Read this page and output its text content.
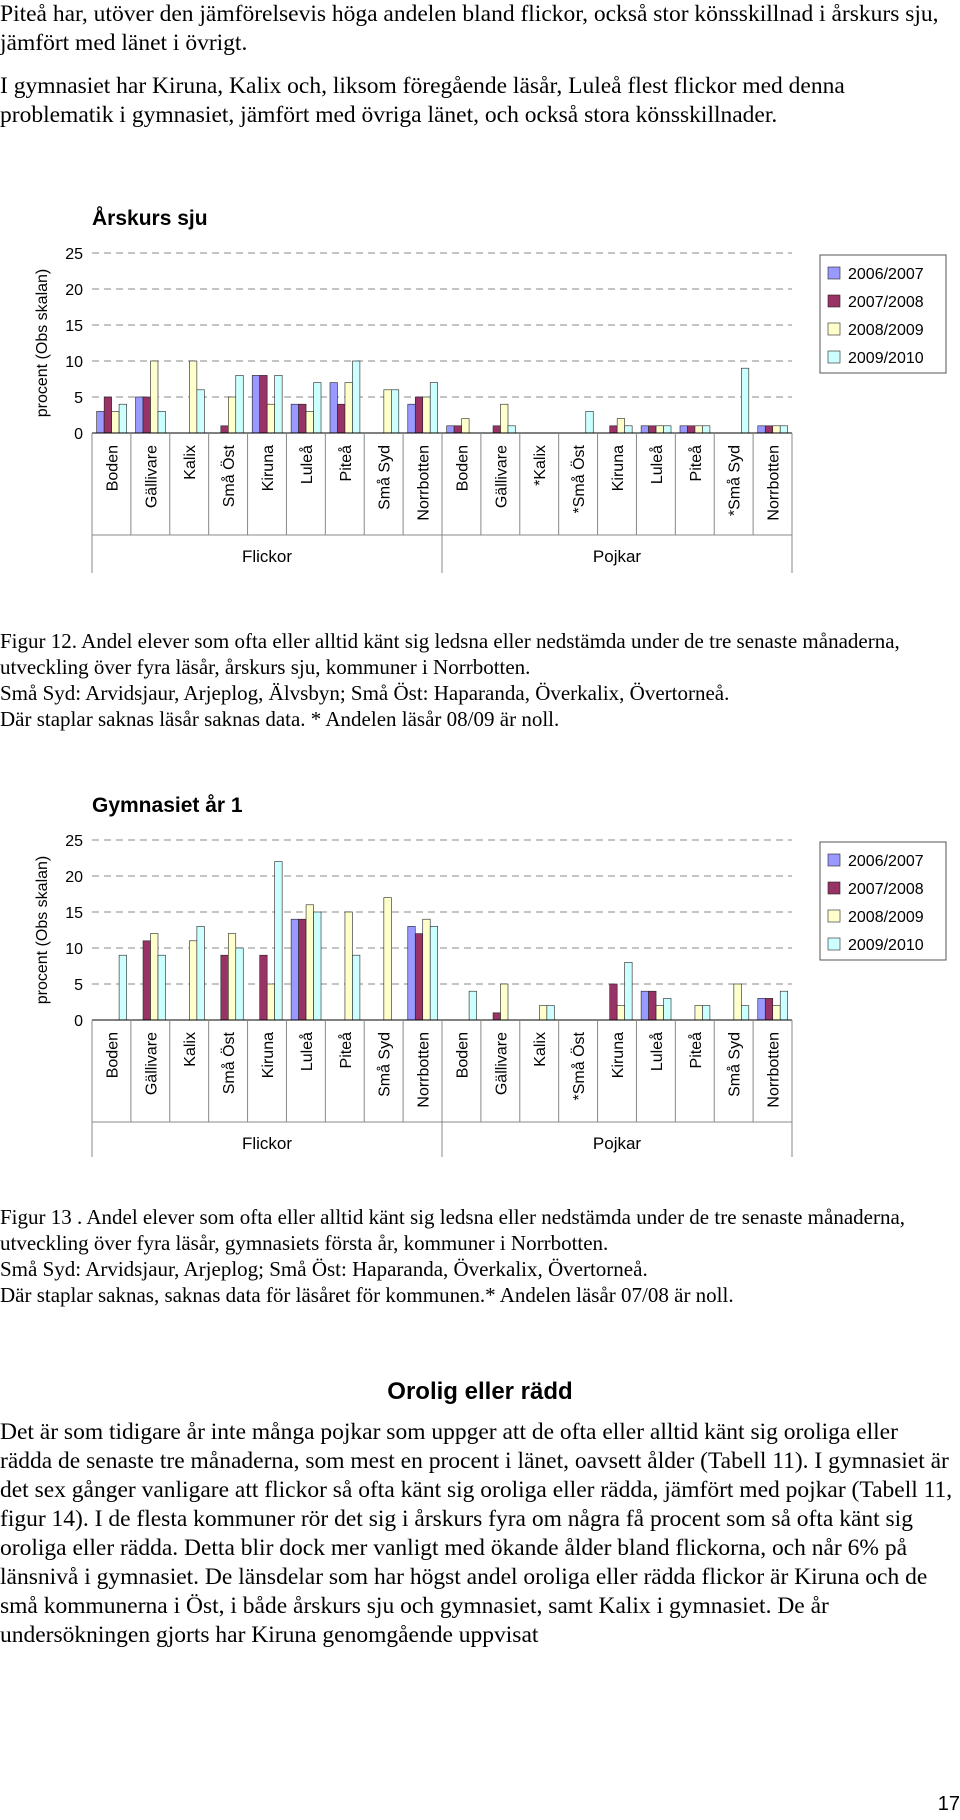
Piteå har, utöver den jämförelsevis höga andelen bland flickor, också stor könsskillnad i årskurs sju, jämfört med länet i övrigt.

I gymnasiet har Kiruna, Kalix och, liksom föregående läsår, Luleå flest flickor med denna problematik i gymnasiet, jämfört med övriga länet, och också stora könsskillnader.

Årskurs sju
procent (Obs skalan)
0
5
10
15
20
25
Boden Gällivare Kalix Små Öst Kiruna Luleå Piteå Små Syd Norrbotten Boden Gällivare *Kalix *Små Öst Kiruna Luleå Piteå *Små Syd Norrbotten
Flickor	Pojkar
2006/2007
2007/2008
2008/2009
2009/2010
Figur 12. Andel elever som ofta eller alltid känt sig ledsna eller nedstämda under de tre senaste månaderna, utveckling över fyra läsår, årskurs sju, kommuner i Norrbotten.
Små Syd: Arvidsjaur, Arjeplog, Älvsbyn; Små Öst: Haparanda, Överkalix, Övertorneå.
Där staplar saknas läsår saknas data. * Andelen läsår 08/09 är noll.
Gymnasiet år 1
procent (Obs skalan)
0
5
10
15
20
25
Boden Gällivare Kalix Små Öst Kiruna Luleå Piteå Små Syd Norrbotten Boden Gällivare Kalix *Små Öst Kiruna Luleå Piteå Små Syd Norrbotten
Flickor	Pojkar
2006/2007
2007/2008
2008/2009
2009/2010
Figur 13 . Andel elever som ofta eller alltid känt sig ledsna eller nedstämda under de tre senaste månaderna, utveckling över fyra läsår, gymnasiets första år, kommuner i Norrbotten.
Små Syd: Arvidsjaur, Arjeplog; Små Öst: Haparanda, Överkalix, Övertorneå.
Där staplar saknas, saknas data för läsåret för kommunen.* Andelen läsår 07/08 är noll.
Orolig eller rädd

Det är som tidigare år inte många pojkar som uppger att de ofta eller alltid känt sig oroliga eller rädda de senaste tre månaderna, som mest en procent i länet, oavsett ålder (Tabell 11). I gymnasiet är det sex gånger vanligare att flickor så ofta känt sig oroliga eller rädda, jämfört med pojkar (Tabell 11, figur 14). I de flesta kommuner rör det sig i årskurs fyra om några få procent som så ofta känt sig oroliga eller rädda. Detta blir dock mer vanligt med ökande ålder bland flickorna, och når 6% på länsnivå i gymnasiet. De länsdelar som har högst andel oroliga eller rädda flickor är Kiruna och de små kommunerna i Öst, i både årskurs sju och gymnasiet, samt Kalix i gymnasiet. De år undersökningen gjorts har Kiruna genomgående uppvisat

17
